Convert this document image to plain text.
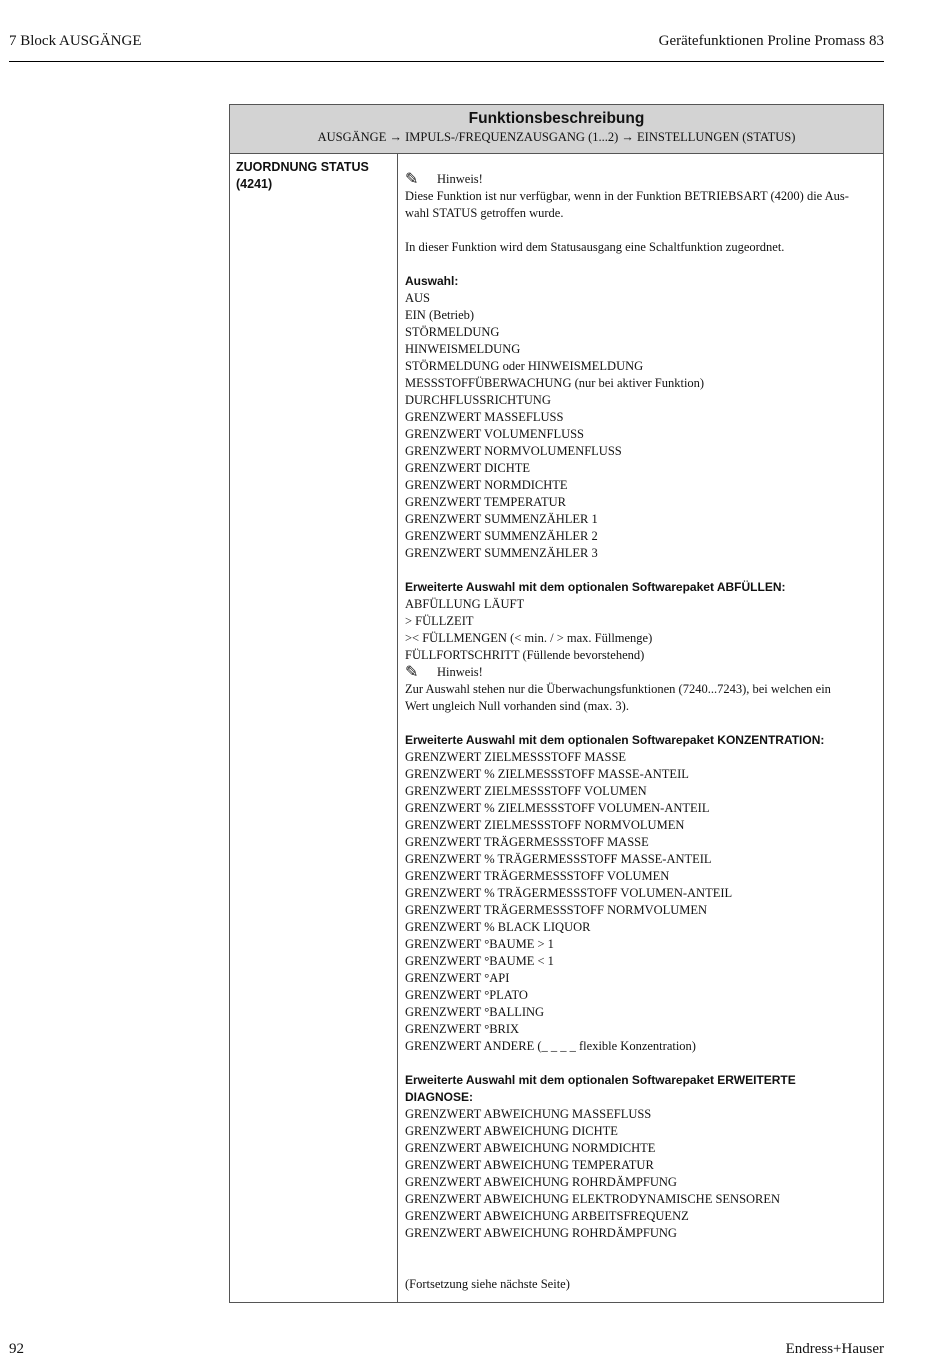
7 Block AUSGÄNGE	Gerätefunktionen Proline Promass 83
Funktionsbeschreibung
AUSGÄNGE → IMPULS-/FREQUENZAUSGANG (1...2) → EINSTELLUNGEN (STATUS)
ZUORDNUNG STATUS
(4241)	✎ Hinweis!
Diese Funktion ist nur verfügbar, wenn in der Funktion BETRIEBSART (4200) die Aus-
wahl STATUS getroffen wurde.
In dieser Funktion wird dem Statusausgang eine Schaltfunktion zugeordnet.
Auswahl:
AUS
EIN (Betrieb)
STÖRMELDUNG
HINWEISMELDUNG
STÖRMELDUNG oder HINWEISMELDUNG
MESSSTOFFÜBERWACHUNG (nur bei aktiver Funktion)
DURCHFLUSSRICHTUNG
GRENZWERT MASSEFLUSS
GRENZWERT VOLUMENFLUSS
GRENZWERT NORMVOLUMENFLUSS
GRENZWERT DICHTE
GRENZWERT NORMDICHTE
GRENZWERT TEMPERATUR
GRENZWERT SUMMENZÄHLER 1
GRENZWERT SUMMENZÄHLER 2
GRENZWERT SUMMENZÄHLER 3
Erweiterte Auswahl mit dem optionalen Softwarepaket ABFÜLLEN:
ABFÜLLUNG LÄUFT
> FÜLLZEIT
>< FÜLLMENGEN (< min. / > max. Füllmenge)
FÜLLFORTSCHRITT (Füllende bevorstehend)
✎ Hinweis!
Zur Auswahl stehen nur die Überwachungsfunktionen (7240...7243), bei welchen ein
Wert ungleich Null vorhanden sind (max. 3).
Erweiterte Auswahl mit dem optionalen Softwarepaket KONZENTRATION:
GRENZWERT ZIELMESSSTOFF MASSE
GRENZWERT % ZIELMESSSTOFF MASSE-ANTEIL
GRENZWERT ZIELMESSSTOFF VOLUMEN
GRENZWERT % ZIELMESSSTOFF VOLUMEN-ANTEIL
GRENZWERT ZIELMESSSTOFF NORMVOLUMEN
GRENZWERT TRÄGERMESSSTOFF MASSE
GRENZWERT % TRÄGERMESSSTOFF MASSE-ANTEIL
GRENZWERT TRÄGERMESSSTOFF VOLUMEN
GRENZWERT % TRÄGERMESSSTOFF VOLUMEN-ANTEIL
GRENZWERT TRÄGERMESSSTOFF NORMVOLUMEN
GRENZWERT % BLACK LIQUOR
GRENZWERT °BAUME > 1
GRENZWERT °BAUME < 1
GRENZWERT °API
GRENZWERT °PLATO
GRENZWERT °BALLING
GRENZWERT °BRIX
GRENZWERT ANDERE (_ _ _ _ flexible Konzentration)
Erweiterte Auswahl mit dem optionalen Softwarepaket ERWEITERTE
DIAGNOSE:
GRENZWERT ABWEICHUNG MASSEFLUSS
GRENZWERT ABWEICHUNG DICHTE
GRENZWERT ABWEICHUNG NORMDICHTE
GRENZWERT ABWEICHUNG TEMPERATUR
GRENZWERT ABWEICHUNG ROHRDÄMPFUNG
GRENZWERT ABWEICHUNG ELEKTRODYNAMISCHE SENSOREN
GRENZWERT ABWEICHUNG ARBEITSFREQUENZ
GRENZWERT ABWEICHUNG ROHRDÄMPFUNG
(Fortsetzung siehe nächste Seite)
92	Endress+Hauser
